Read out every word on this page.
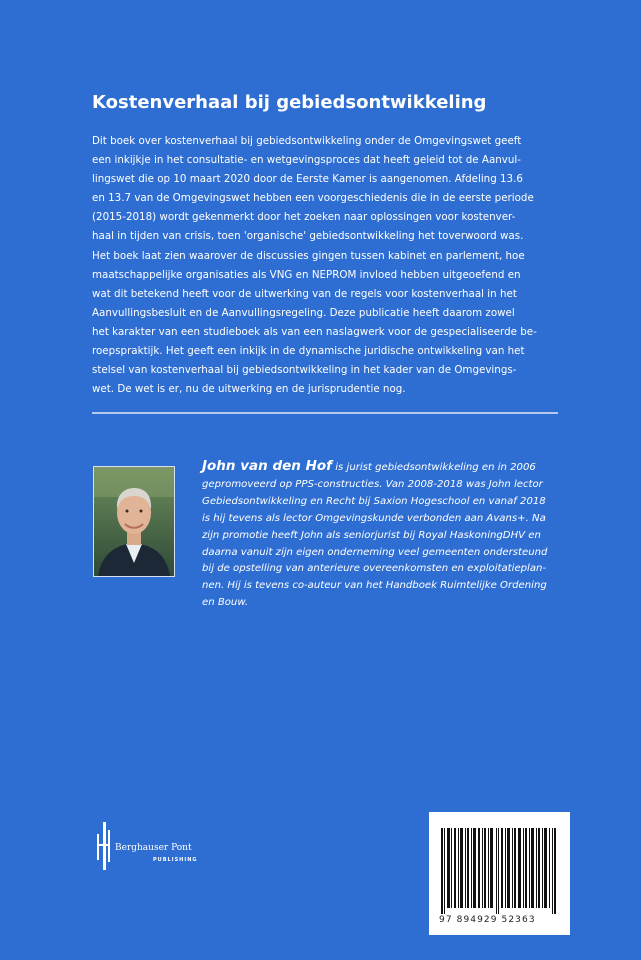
Kostenverhaal bij gebiedsontwikkeling

Dit boek over kostenverhaal bij gebiedsontwikkeling onder de Omgevingswet geeft
een inkijkje in het consultatie- en wetgevingsproces dat heeft geleid tot de Aanvul-
lingswet die op 10 maart 2020 door de Eerste Kamer is aangenomen. Afdeling 13.6
en 13.7 van de Omgevingswet hebben een voorgeschiedenis die in de eerste periode
(2015-2018) wordt gekenmerkt door het zoeken naar oplossingen voor kostenver-
haal in tijden van crisis, toen 'organische' gebiedsontwikkeling het toverwoord was.
Het boek laat zien waarover de discussies gingen tussen kabinet en parlement, hoe
maatschappelijke organisaties als VNG en NEPROM invloed hebben uitgeoefend en
wat dit betekend heeft voor de uitwerking van de regels voor kostenverhaal in het
Aanvullingsbesluit en de Aanvullingsregeling. Deze publicatie heeft daarom zowel
het karakter van een studieboek als van een naslagwerk voor de gespecialiseerde be-
roepspraktijk. Het geeft een inkijk in de dynamische juridische ontwikkeling van het
stelsel van kostenverhaal bij gebiedsontwikkeling in het kader van de Omgevings-
wet. De wet is er, nu de uitwerking en de jurisprudentie nog.

John van den Hof is jurist gebiedsontwikkeling en in 2006
gepromoveerd op PPS-constructies. Van 2008-2018 was John lector
Gebiedsontwikkeling en Recht bij Saxion Hogeschool en vanaf 2018
is hij tevens als lector Omgevingskunde verbonden aan Avans+. Na
zijn promotie heeft John als seniorjurist bij Royal HaskoningDHV en
daarna vanuit zijn eigen onderneming veel gemeenten ondersteund
bij de opstelling van anterieure overeenkomsten en exploitatieplan-
nen. Hij is tevens co-auteur van het Handboek Ruimtelijke Ordening
en Bouw.

Berghauser Pont
PUBLISHING
97 894929 52363
